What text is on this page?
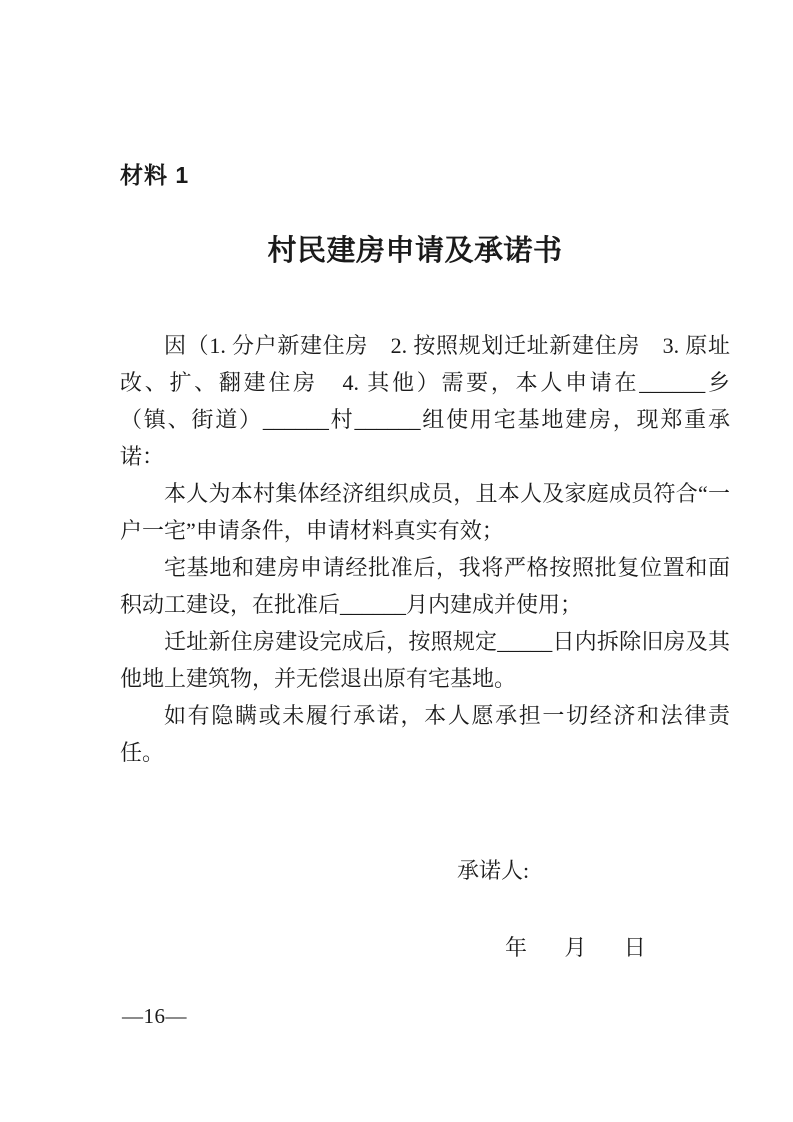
材料 1
村民建房申请及承诺书

因（1. 分户新建住房　2. 按照规划迁址新建住房　3. 原址改、扩、翻建住房　4. 其他）需要，本人申请在______乡（镇、街道）______村______组使用宅基地建房，现郑重承诺：

本人为本村集体经济组织成员，且本人及家庭成员符合“一户一宅”申请条件，申请材料真实有效；

宅基地和建房申请经批准后，我将严格按照批复位置和面积动工建设，在批准后______月内建成并使用；

迁址新住房建设完成后，按照规定_____日内拆除旧房及其他地上建筑物，并无偿退出原有宅基地。

如有隐瞒或未履行承诺，本人愿承担一切经济和法律责任。

承诺人:
年　月　日
—16—
